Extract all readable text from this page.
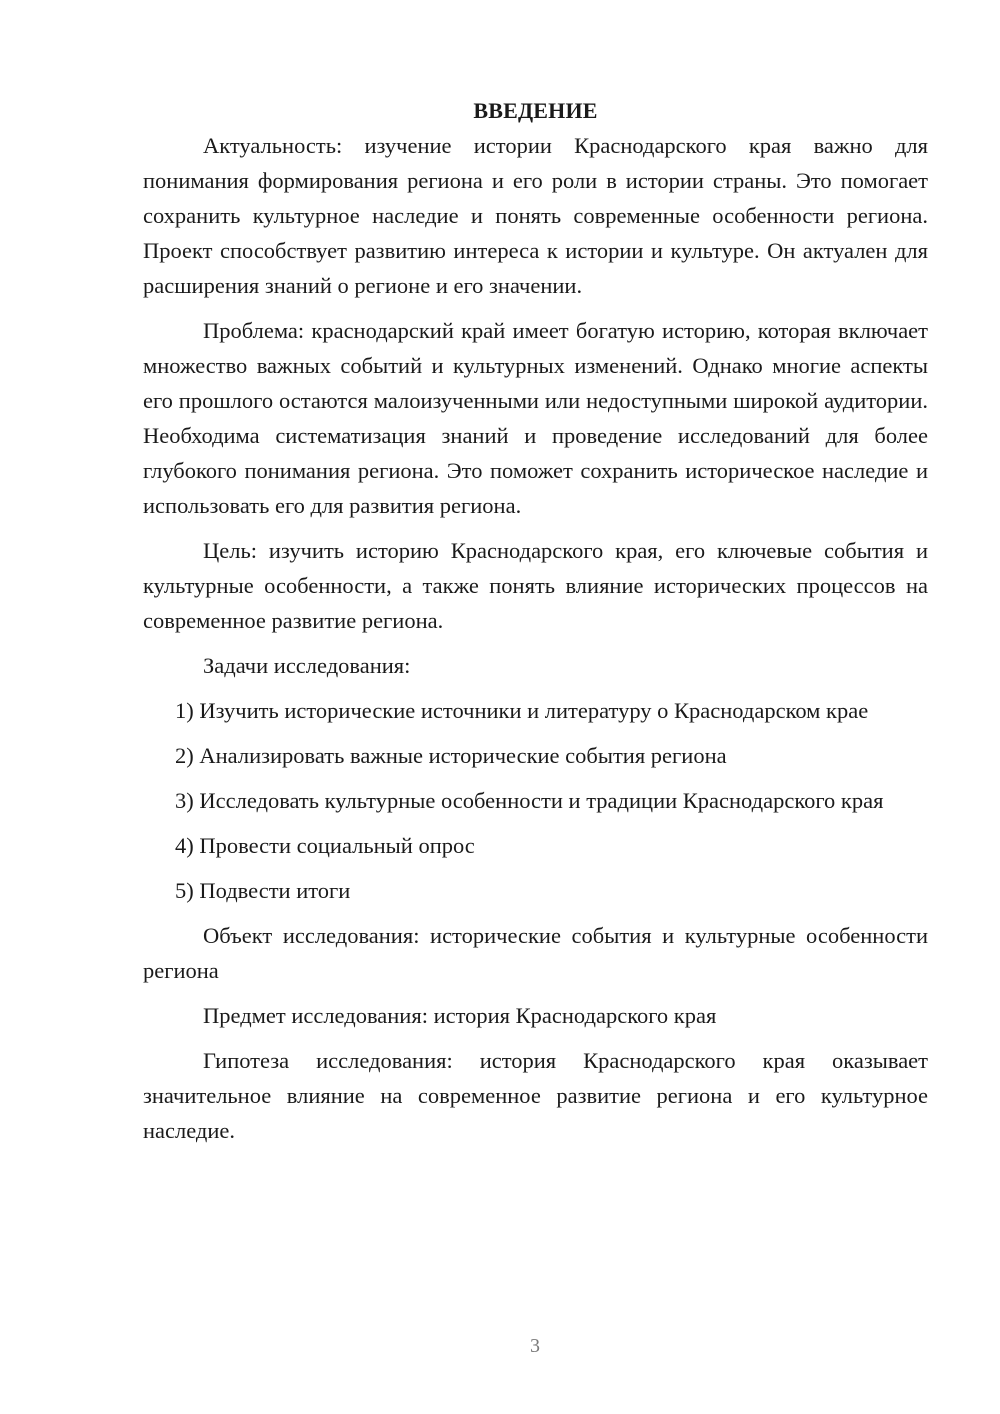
ВВЕДЕНИЕ

Актуальность: изучение истории Краснодарского края важно для понимания формирования региона и его роли в истории страны. Это помогает сохранить культурное наследие и понять современные особенности региона. Проект способствует развитию интереса к истории и культуре. Он актуален для расширения знаний о регионе и его значении.

Проблема: краснодарский край имеет богатую историю, которая включает множество важных событий и культурных изменений. Однако многие аспекты его прошлого остаются малоизученными или недоступными широкой аудитории. Необходима систематизация знаний и проведение исследований для более глубокого понимания региона. Это поможет сохранить историческое наследие и использовать его для развития региона.

Цель: изучить историю Краснодарского края, его ключевые события и культурные особенности, а также понять влияние исторических процессов на современное развитие региона.

Задачи исследования:

1) Изучить исторические источники и литературу о Краснодарском крае

2) Анализировать важные исторические события региона

3) Исследовать культурные особенности и традиции Краснодарского края

4) Провести социальный опрос

5) Подвести итоги

Объект исследования: исторические события и культурные особенности региона

Предмет исследования: история Краснодарского края

Гипотеза исследования: история Краснодарского края оказывает значительное влияние на современное развитие региона и его культурное наследие.

3
